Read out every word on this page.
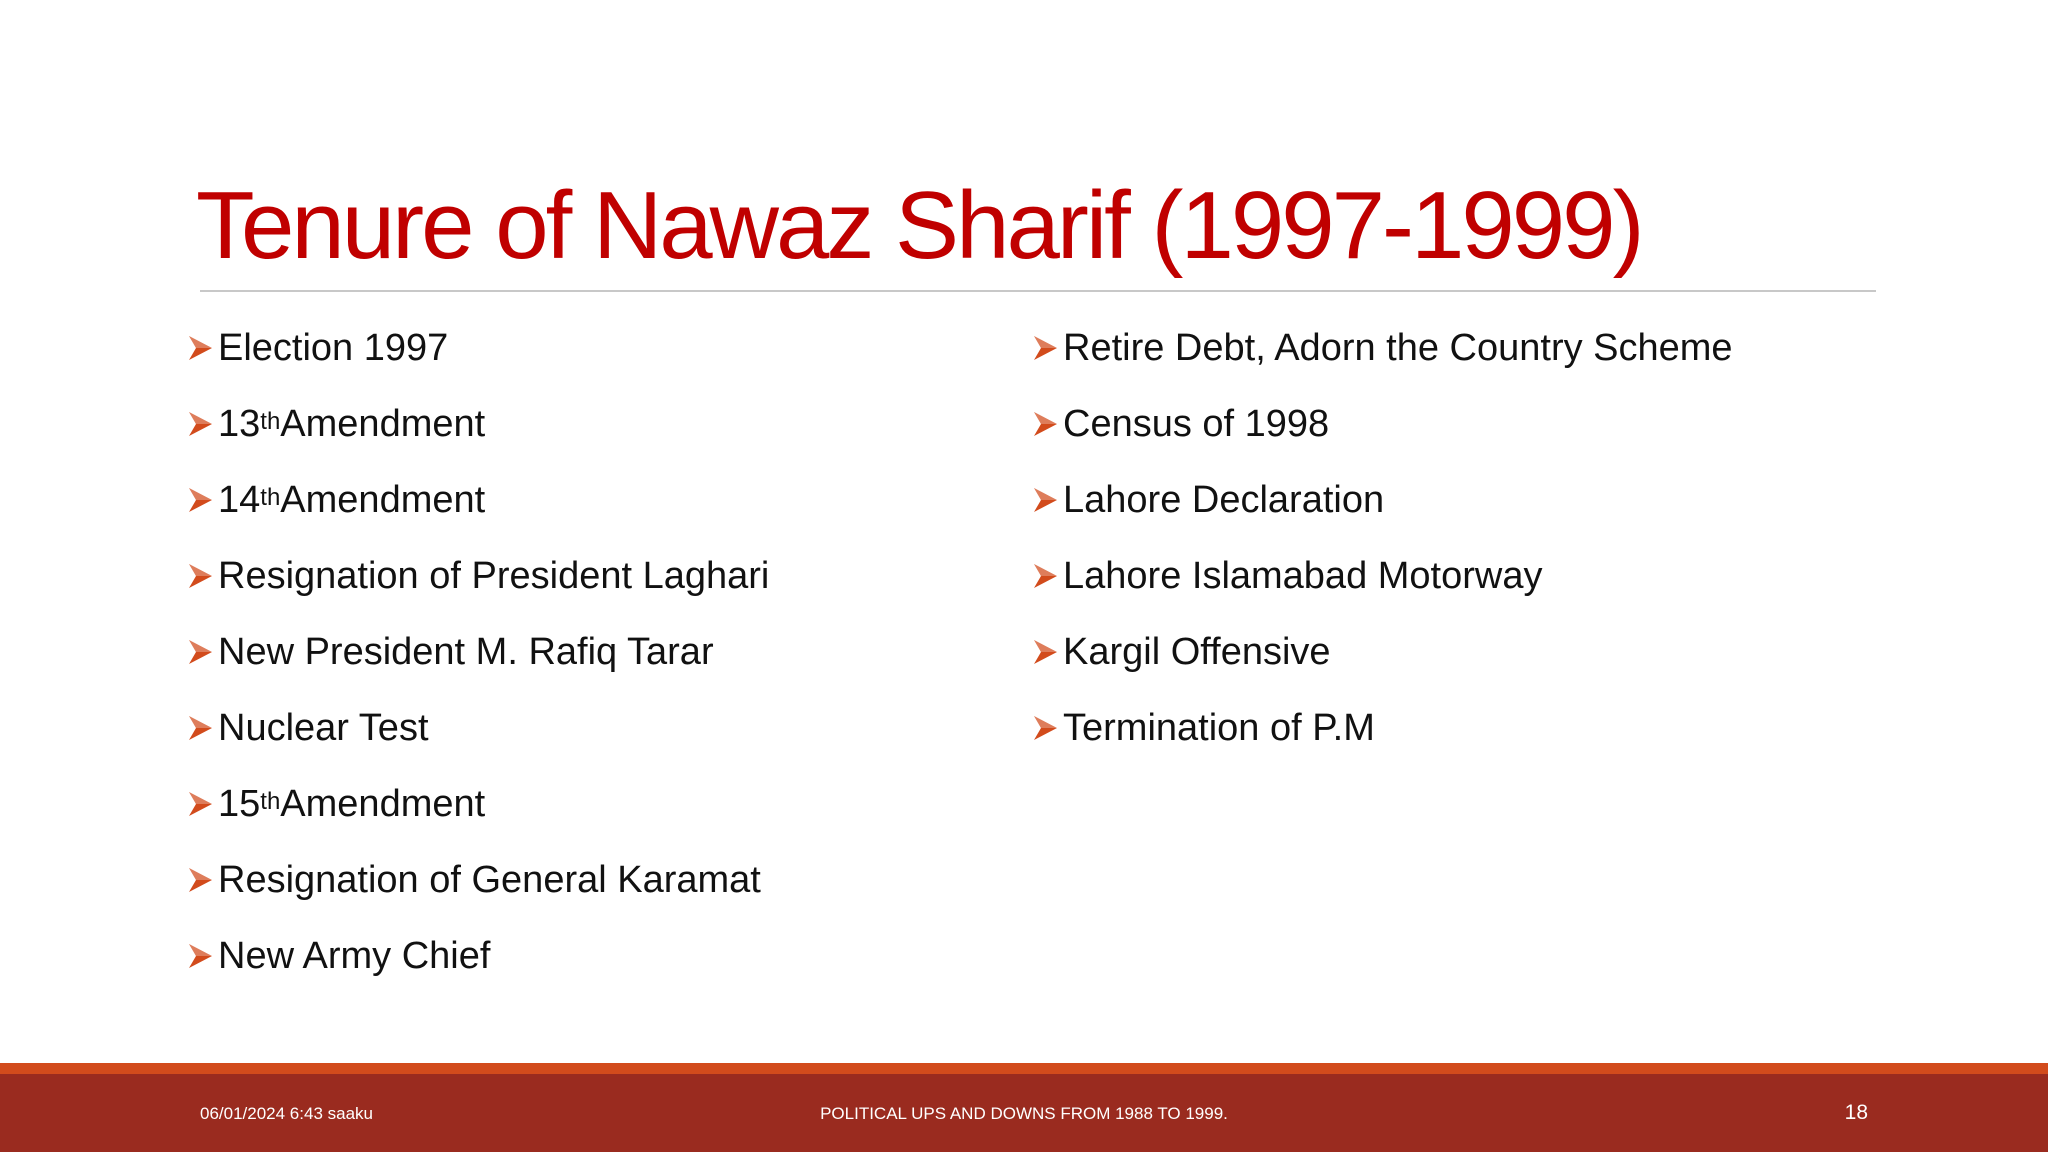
Tenure of Nawaz Sharif (1997-1999)
Election 1997
13th Amendment
14th Amendment
Resignation of President Laghari
New President M. Rafiq Tarar
Nuclear Test
15th Amendment
Resignation of General Karamat
New Army Chief
Retire Debt, Adorn the Country Scheme
Census of 1998
Lahore Declaration
Lahore Islamabad Motorway
Kargil Offensive
Termination of P.M
06/01/2024 6:43 saaku	POLITICAL UPS AND DOWNS FROM 1988 TO 1999.	18
